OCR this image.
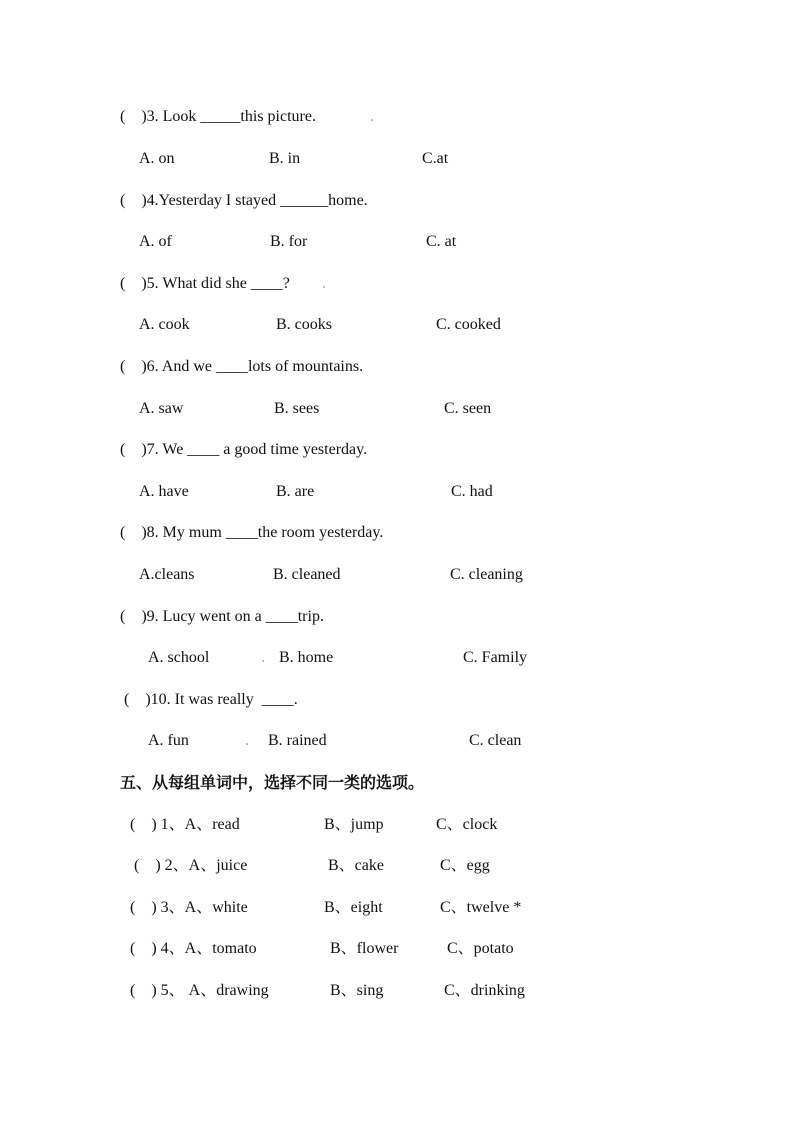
(    )3. Look _____this picture.	.
A. on	B. in	C.at
(    )4.Yesterday I stayed ______home.
A. of	B. for	C. at
(    )5. What did she ____? .
A. cook	B. cooks	C. cooked
(    )6. And we ____lots of mountains.
A. saw	B. sees	C. seen
(    )7. We ____ a good time yesterday.
A. have	B. are	C. had
(    )8. My mum ____the room yesterday.
A.cleans	B. cleaned	C. cleaning
(    )9. Lucy went on a ____trip.
A. school	. B. home	C. Family
(    )10. It was really  ____.
A. fun	. B. rained	C. clean
五、从每组单词中，选择不同一类的选项。
(    ) 1、A、read	B、jump	C、clock
(    ) 2、A、juice	B、cake	C、egg
(    ) 3、A、white	B、eight	C、twelve *
(    ) 4、A、tomato	B、flower	C、potato
(    ) 5、 A、drawing	B、sing	C、drinking
